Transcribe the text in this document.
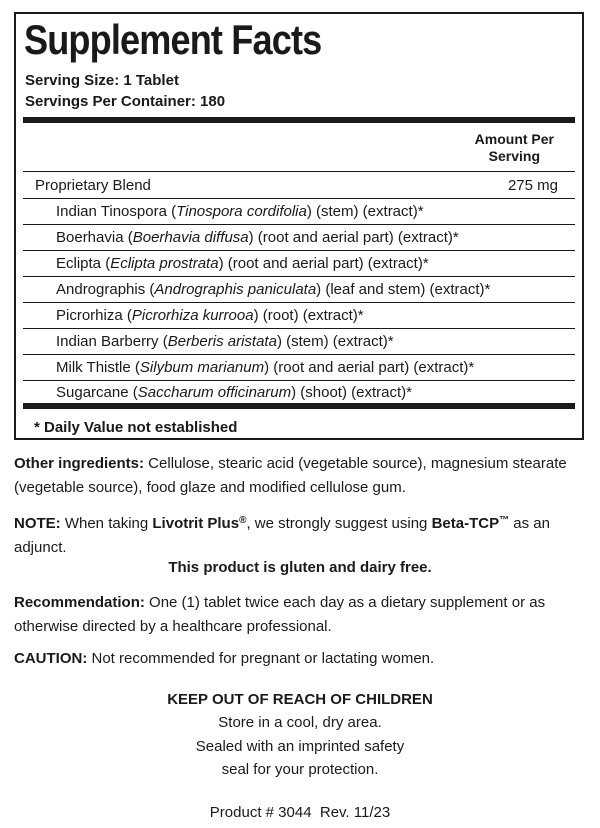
Supplement Facts
Serving Size: 1 Tablet
Servings Per Container: 180
Amount Per
Serving
Proprietary Blend	275 mg
Indian Tinospora (Tinospora cordifolia) (stem) (extract)*
Boerhavia (Boerhavia diffusa) (root and aerial part) (extract)*
Eclipta (Eclipta prostrata) (root and aerial part) (extract)*
Andrographis (Andrographis paniculata) (leaf and stem) (extract)*
Picrorhiza (Picrorhiza kurrooa) (root) (extract)*
Indian Barberry (Berberis aristata) (stem) (extract)*
Milk Thistle (Silybum marianum) (root and aerial part) (extract)*
Sugarcane (Saccharum officinarum) (shoot) (extract)*
* Daily Value not established
Other ingredients: Cellulose, stearic acid (vegetable source), magnesium stearate (vegetable source), food glaze and modified cellulose gum.
NOTE: When taking Livotrit Plus®, we strongly suggest using Beta-TCP™ as an adjunct.
This product is gluten and dairy free.
Recommendation: One (1) tablet twice each day as a dietary supplement or as otherwise directed by a healthcare professional.
CAUTION: Not recommended for pregnant or lactating women.
KEEP OUT OF REACH OF CHILDREN
Store in a cool, dry area.
Sealed with an imprinted safety
seal for your protection.
Product # 3044  Rev. 11/23
